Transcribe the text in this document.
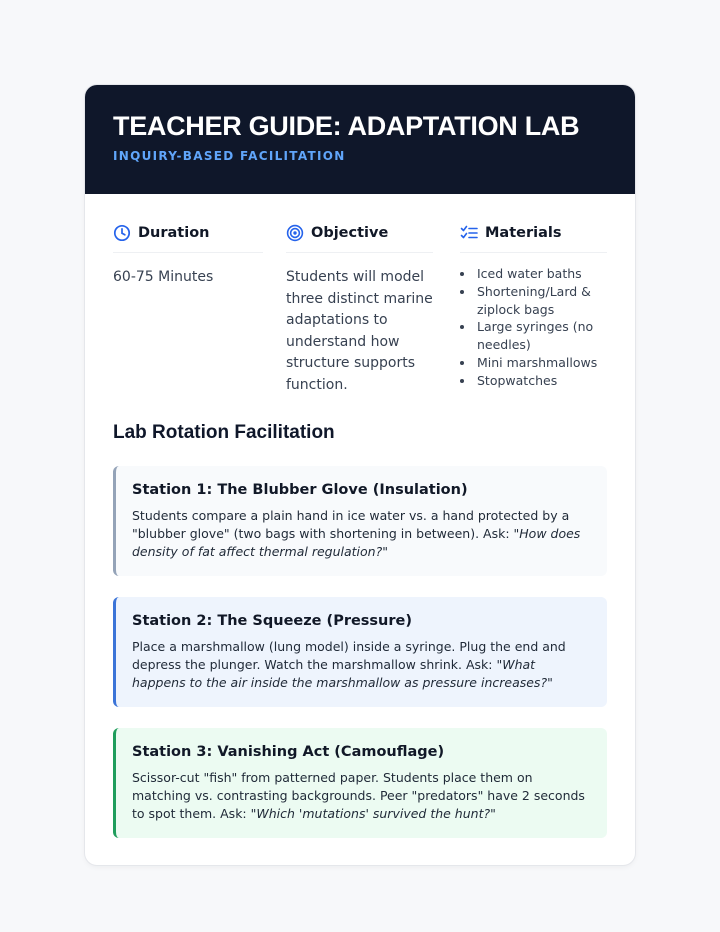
TEACHER GUIDE: ADAPTATION LAB
INQUIRY-BASED FACILITATION
Duration
60-75 Minutes
Objective
Students will model three distinct marine adaptations to understand how structure supports function.
Materials
• Iced water baths
• Shortening/Lard & ziplock bags
• Large syringes (no needles)
• Mini marshmallows
• Stopwatches
Lab Rotation Facilitation
Station 1: The Blubber Glove (Insulation)

Students compare a plain hand in ice water vs. a hand protected by a "blubber glove" (two bags with shortening in between). Ask: "How does density of fat affect thermal regulation?"

Station 2: The Squeeze (Pressure)

Place a marshmallow (lung model) inside a syringe. Plug the end and depress the plunger. Watch the marshmallow shrink. Ask: "What happens to the air inside the marshmallow as pressure increases?"

Station 3: Vanishing Act (Camouflage)

Scissor-cut "fish" from patterned paper. Students place them on matching vs. contrasting backgrounds. Peer "predators" have 2 seconds to spot them. Ask: "Which 'mutations' survived the hunt?"
